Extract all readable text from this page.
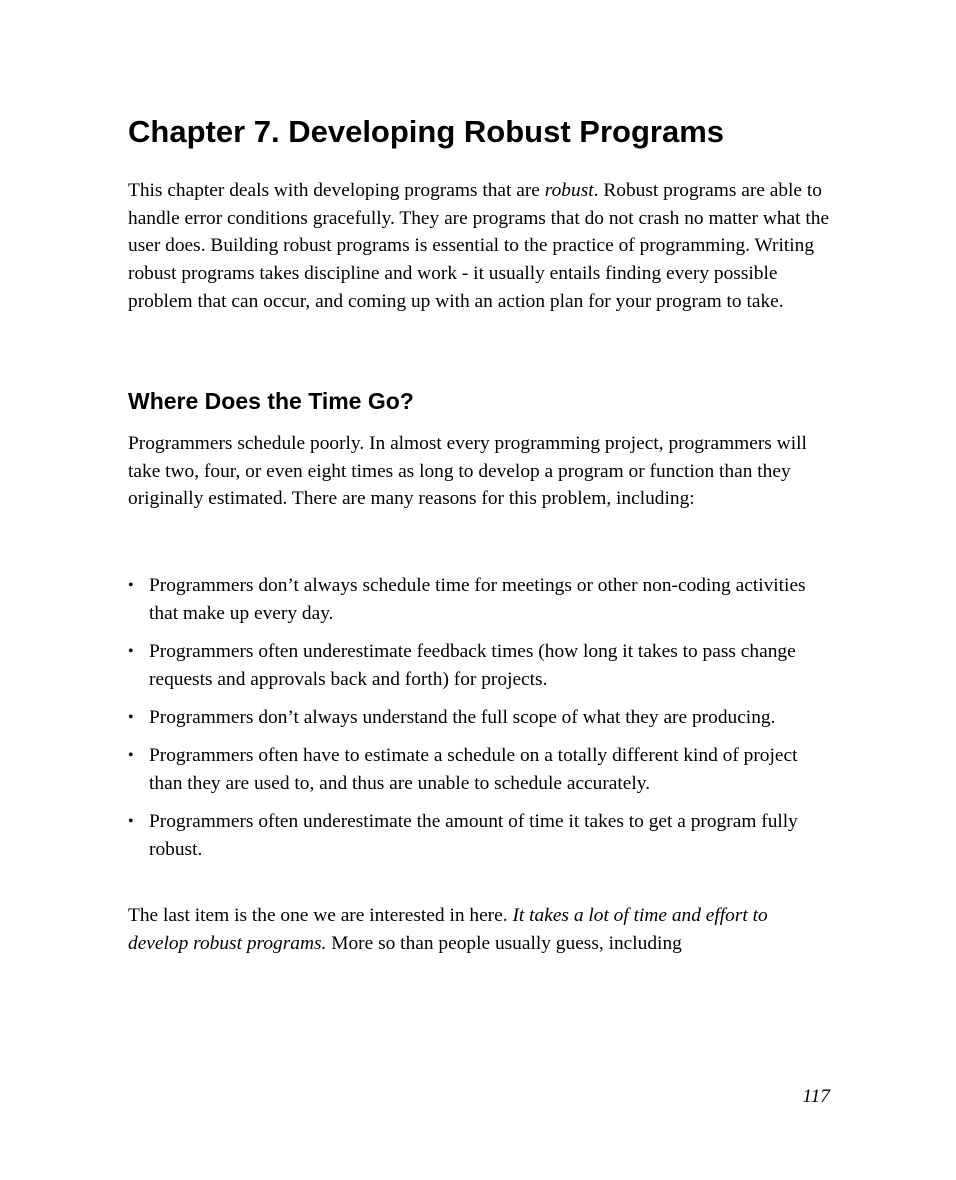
Chapter 7. Developing Robust Programs

This chapter deals with developing programs that are robust. Robust programs are able to handle error conditions gracefully. They are programs that do not crash no matter what the user does. Building robust programs is essential to the practice of programming. Writing robust programs takes discipline and work - it usually entails finding every possible problem that can occur, and coming up with an action plan for your program to take.

Where Does the Time Go?

Programmers schedule poorly. In almost every programming project, programmers will take two, four, or even eight times as long to develop a program or function than they originally estimated. There are many reasons for this problem, including:

• Programmers don’t always schedule time for meetings or other non-coding activities that make up every day.
• Programmers often underestimate feedback times (how long it takes to pass change requests and approvals back and forth) for projects.
• Programmers don’t always understand the full scope of what they are producing.
• Programmers often have to estimate a schedule on a totally different kind of project than they are used to, and thus are unable to schedule accurately.
• Programmers often underestimate the amount of time it takes to get a program fully robust.

The last item is the one we are interested in here. It takes a lot of time and effort to develop robust programs. More so than people usually guess, including

117
